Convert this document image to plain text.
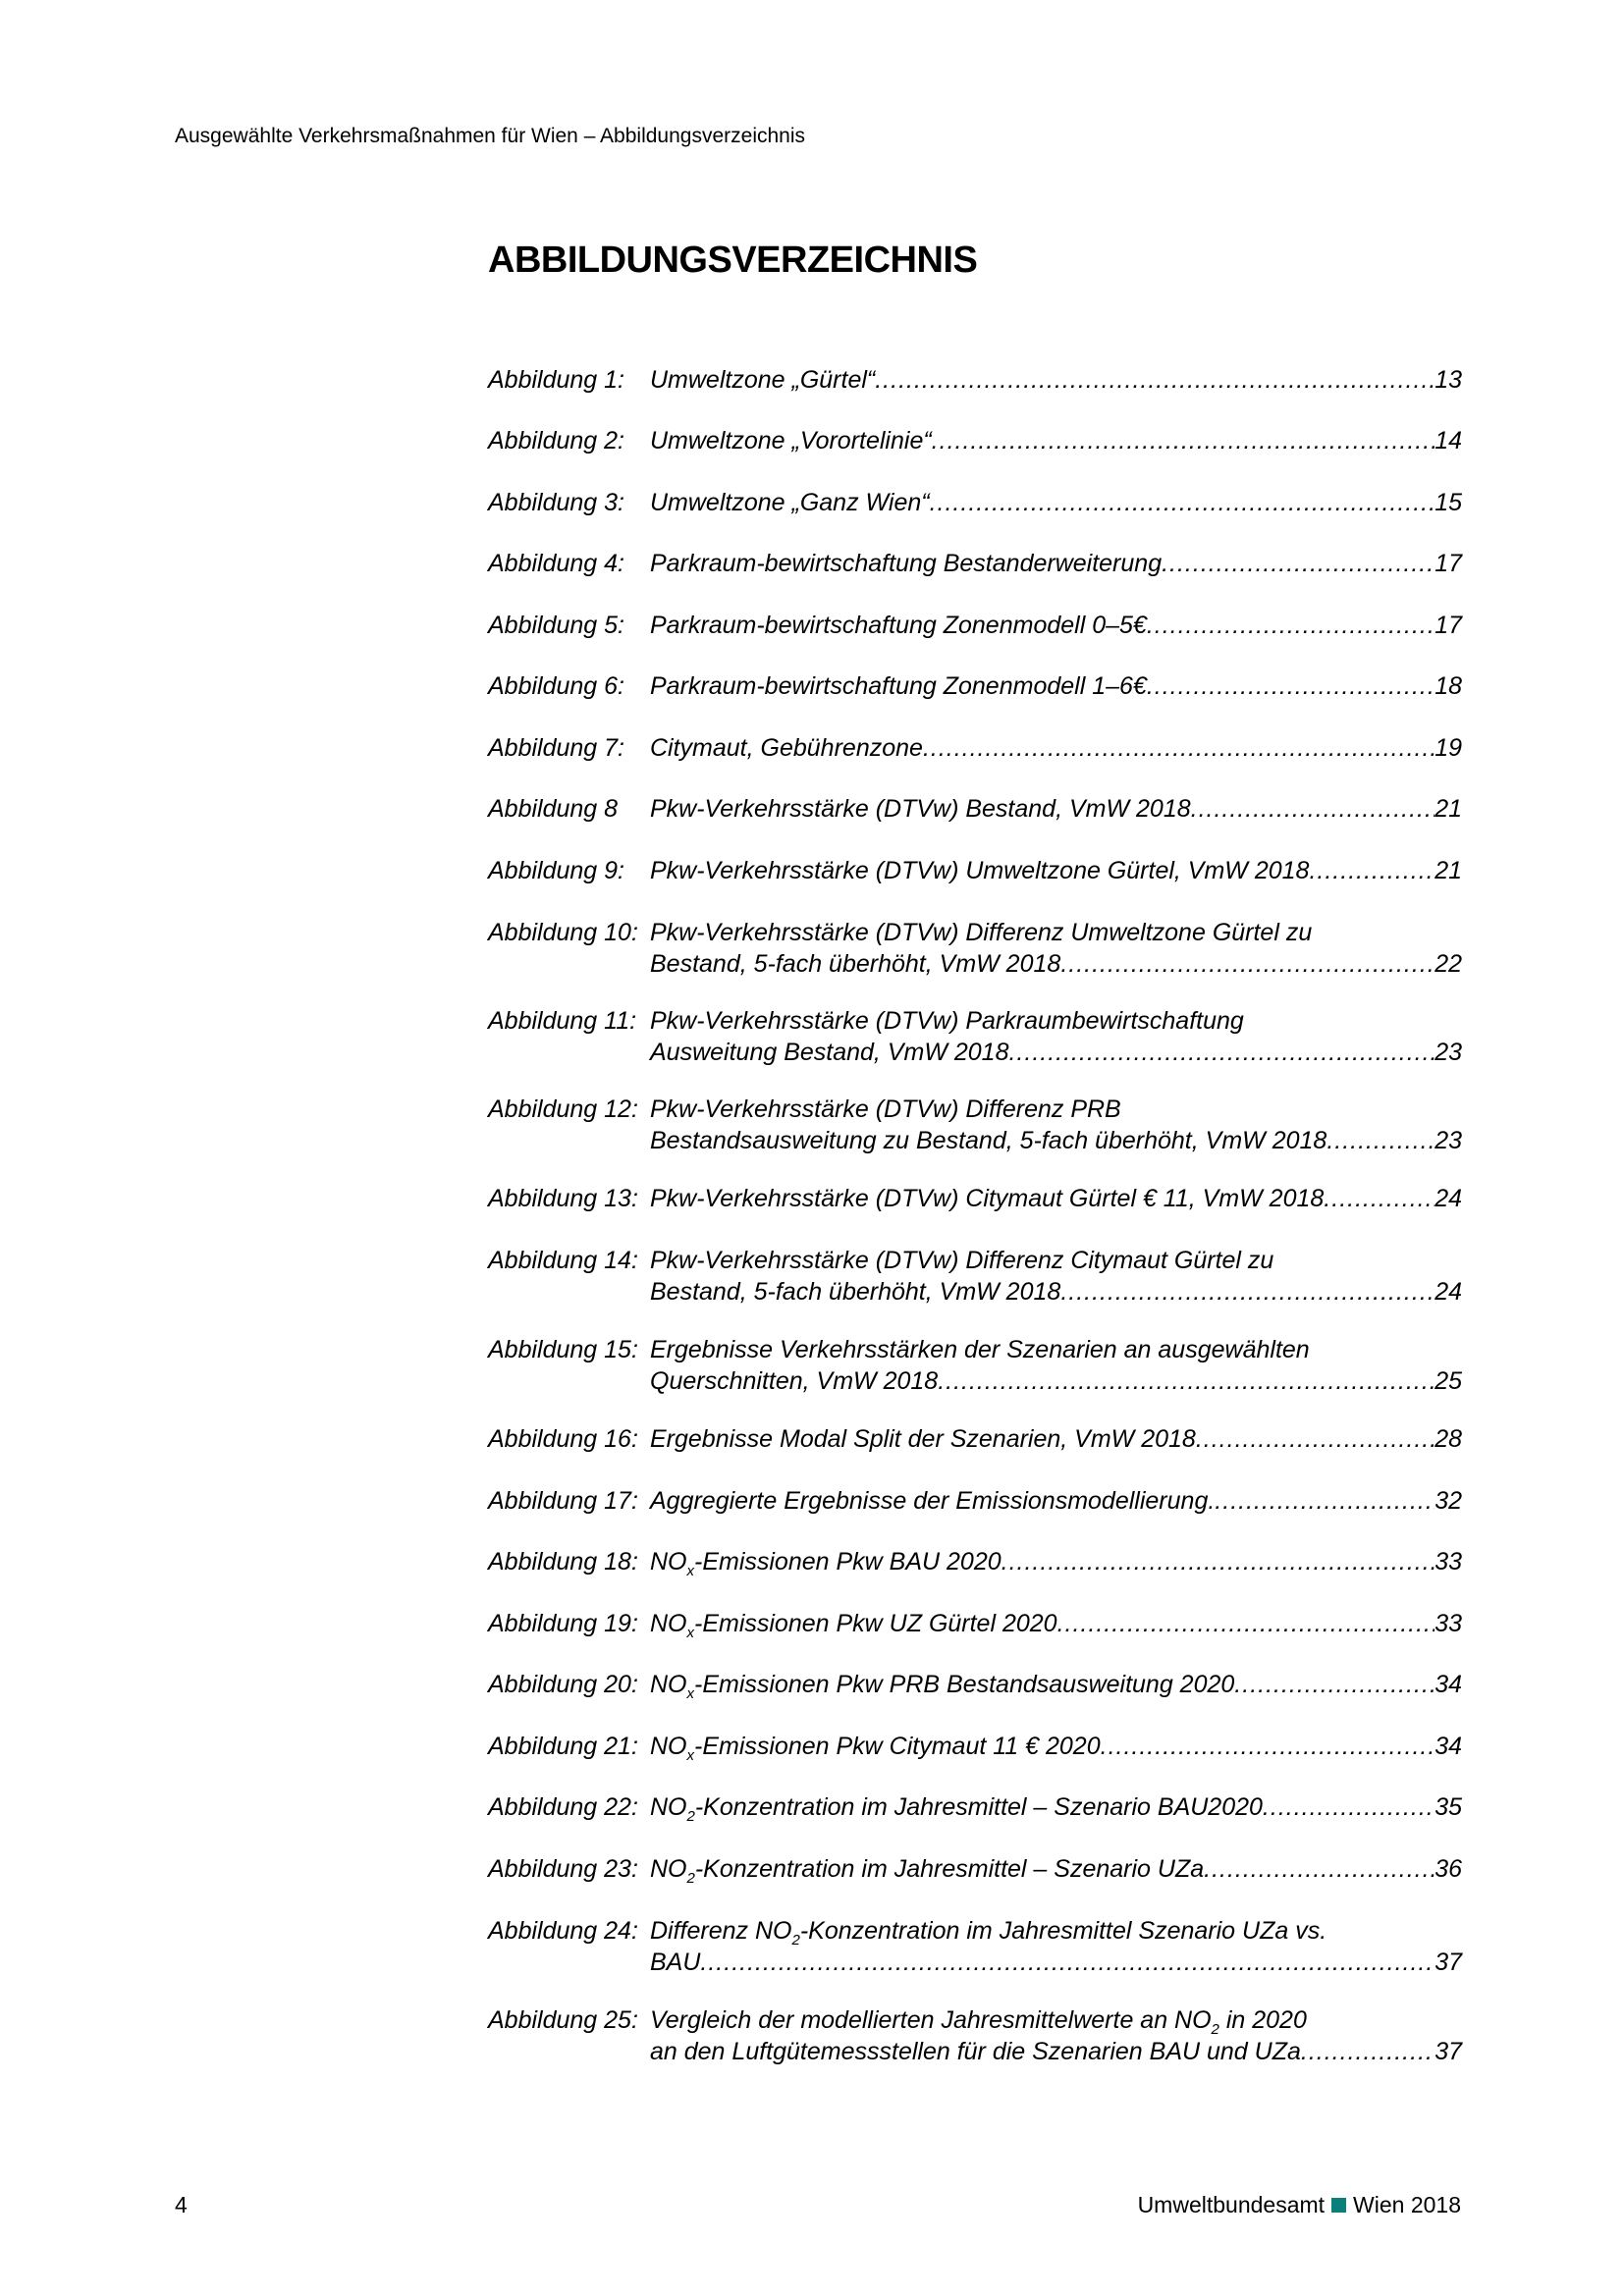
Ausgewählte Verkehrsmaßnahmen für Wien – Abbildungsverzeichnis
ABBILDUNGSVERZEICHNIS
Abbildung 1: Umweltzone „Gürtel“ .....	13
Abbildung 2: Umweltzone „Vorortelinie“ .....	14
Abbildung 3: Umweltzone „Ganz Wien“ .....	15
Abbildung 4: Parkraum-bewirtschaftung Bestanderweiterung .....	17
Abbildung 5: Parkraum-bewirtschaftung Zonenmodell 0–5€ .....	17
Abbildung 6: Parkraum-bewirtschaftung Zonenmodell 1–6€ .....	18
Abbildung 7: Citymaut, Gebührenzone .....	19
Abbildung 8 Pkw-Verkehrsstärke (DTVw) Bestand, VmW 2018 .....	21
Abbildung 9: Pkw-Verkehrsstärke (DTVw) Umweltzone Gürtel, VmW 2018 .....	21
Abbildung 10: Pkw-Verkehrsstärke (DTVw) Differenz Umweltzone Gürtel zu
Bestand, 5-fach überhöht, VmW 2018 .....	22
Abbildung 11: Pkw-Verkehrsstärke (DTVw) Parkraumbewirtschaftung
Ausweitung Bestand, VmW 2018 .....	23
Abbildung 12: Pkw-Verkehrsstärke (DTVw) Differenz PRB
Bestandsausweitung zu Bestand, 5-fach überhöht, VmW 2018 .....	23
Abbildung 13: Pkw-Verkehrsstärke (DTVw) Citymaut Gürtel € 11, VmW 2018 .....	24
Abbildung 14: Pkw-Verkehrsstärke (DTVw) Differenz Citymaut Gürtel zu
Bestand, 5-fach überhöht, VmW 2018 .....	24
Abbildung 15: Ergebnisse Verkehrsstärken der Szenarien an ausgewählten
Querschnitten, VmW 2018 .....	25
Abbildung 16: Ergebnisse Modal Split der Szenarien, VmW 2018 .....	28
Abbildung 17: Aggregierte Ergebnisse der Emissionsmodellierung. .....	32
Abbildung 18: $NO_x$-Emissionen Pkw BAU 2020 .....	33
Abbildung 19: $NO_x$-Emissionen Pkw UZ Gürtel 2020 .....	33
Abbildung 20: $NO_x$-Emissionen Pkw PRB Bestandsausweitung 2020 .....	34
Abbildung 21: $NO_x$-Emissionen Pkw Citymaut 11 € 2020 .....	34
Abbildung 22: $NO_2$-Konzentration im Jahresmittel – Szenario BAU2020 .....	35
Abbildung 23: $NO_2$-Konzentration im Jahresmittel – Szenario UZa .....	36
Abbildung 24: Differenz $NO_2$-Konzentration im Jahresmittel Szenario UZa vs.
BAU .....	37
Abbildung 25: Vergleich der modellierten Jahresmittelwerte an $NO_2$ in 2020
an den Luftgütemessstellen für die Szenarien BAU und UZa .....	37
4	Umweltbundesamt Wien 2018
